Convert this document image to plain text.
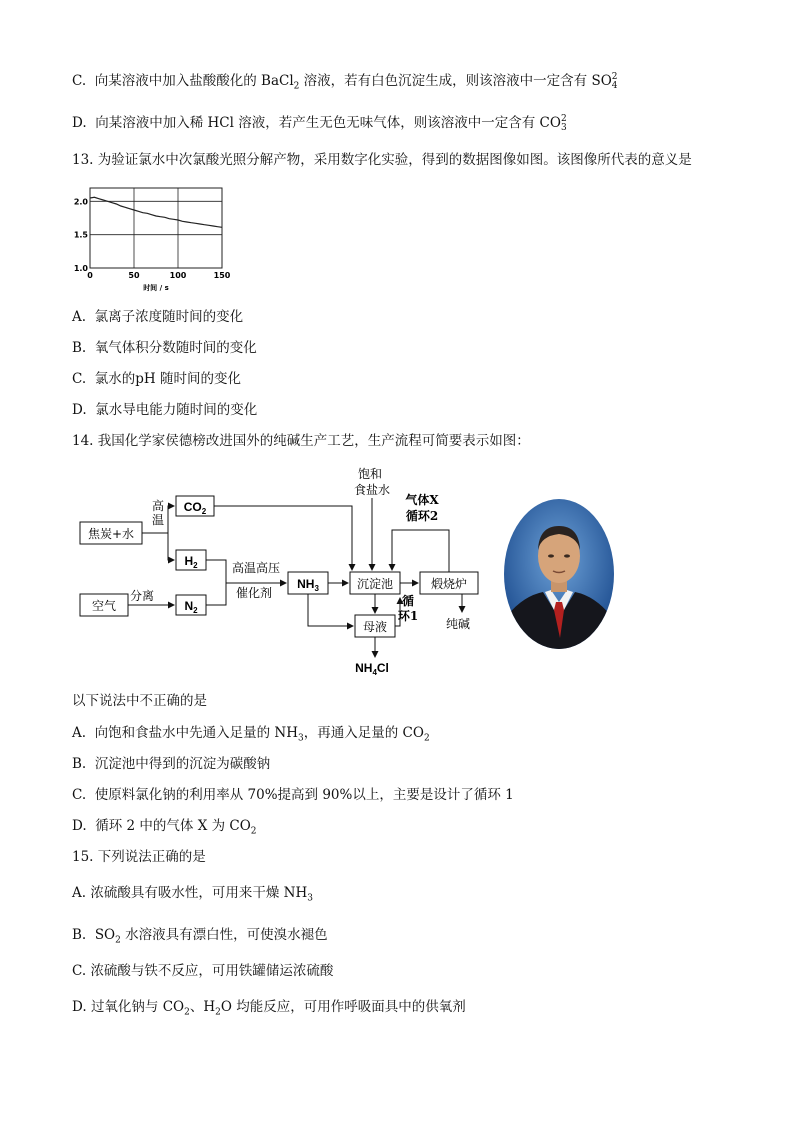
C. 向某溶液中加入盐酸酸化的 BaCl$_2$ 溶液，若有白色沉淀生成，则该溶液中一定含有 SO 2
4
D. 向某溶液中加入稀 HCl 溶液，若产生无色无味气体，则该溶液中一定含有 CO 2
3
13. 为验证氯水中次氯酸光照分解产物，采用数字化实验，得到的数据图像如图。该图像所代表的意义是
1.0
1.5
2.0
0	50	100	150
时间 / s
A. 氯离子浓度随时间的变化
B. 氧气体积分数随时间的变化
C. 氯水的pH 随时间的变化
D. 氯水导电能力随时间的变化
14. 我国化学家侯德榜改进国外的纯碱生产工艺，生产流程可简要表示如图：
焦炭+水
$CO_2$
$H_2$
空气	$N_2$
$NH_3$	沉淀池	煅烧炉
母液
高
温
分离
高温高压
催化剂
饱和
食盐水
气体X
循环2
循
环1
纯碱
$NH_4Cl$
以下说法中不正确的是
A. 向饱和食盐水中先通入足量的 $NH_3$，再通入足量的 $CO_2$
B. 沉淀池中得到的沉淀为碳酸钠
C. 使原料氯化钠的利用率从 70%提高到 90%以上，主要是设计了循环 1
D. 循环 2 中的气体 X 为 $CO_2$
15. 下列说法正确的是
A. 浓硫酸具有吸水性，可用来干燥 $NH_3$
B. $SO_2$ 水溶液具有漂白性，可使溴水褪色
C. 浓硫酸与铁不反应，可用铁罐储运浓硫酸
D. 过氧化钠与 $CO_2$、$H_2O$ 均能反应，可用作呼吸面具中的供氧剂
